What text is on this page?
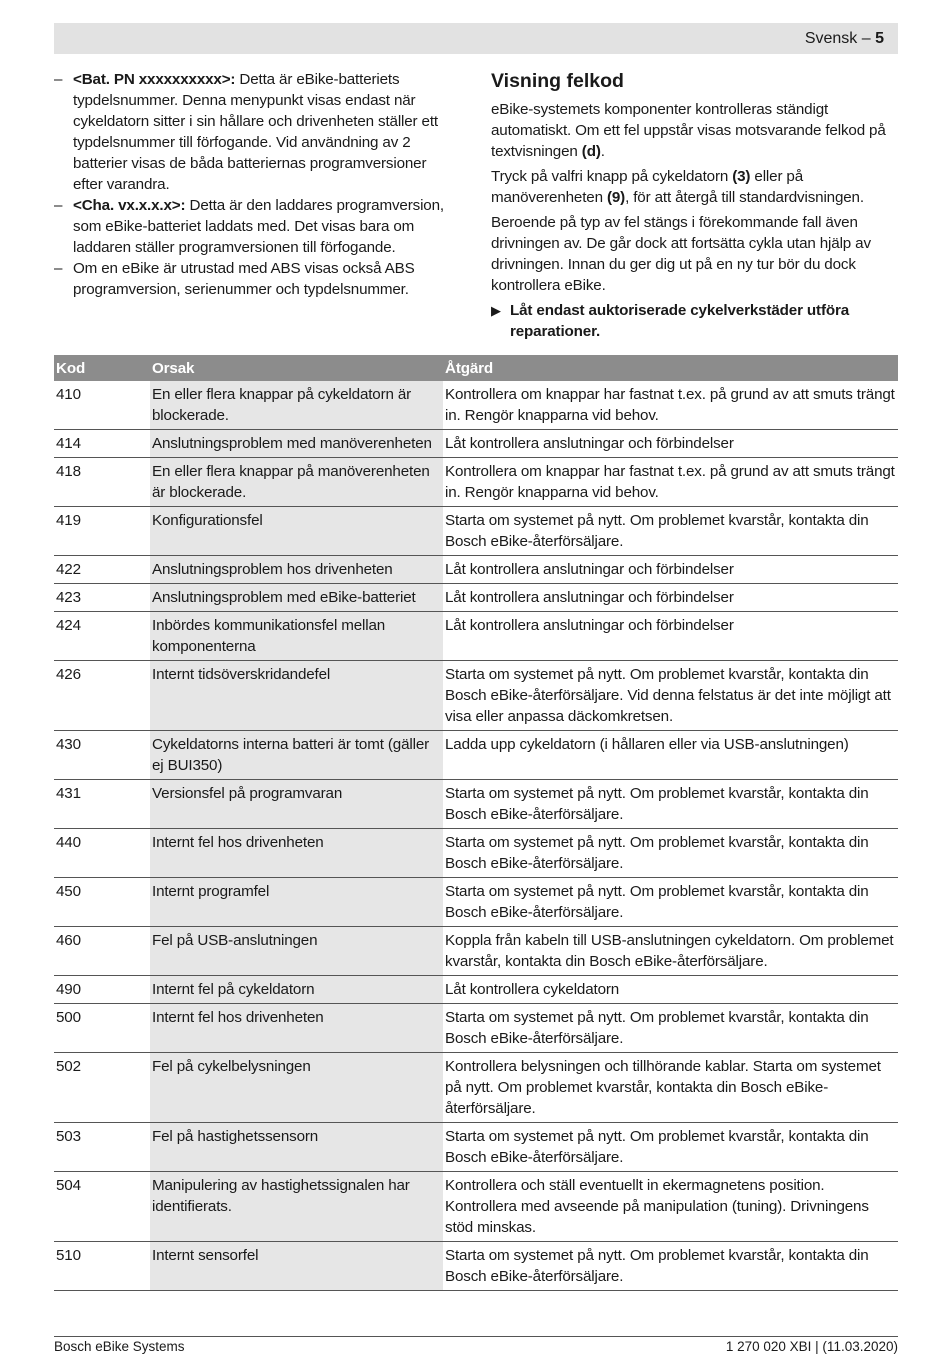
Svensk – 5
– <Bat. PN xxxxxxxxxx>: Detta är eBike-batteriets typdelsnummer. Denna menypunkt visas endast när cykeldatorn sitter i sin hållare och drivenheten ställer ett typdelsnummer till förfogande. Vid användning av 2 batterier visas de båda batteriernas programversioner efter varandra.
– <Cha. vx.x.x.x>: Detta är den laddares programversion, som eBike-batteriet laddats med. Det visas bara om laddaren ställer programversionen till förfogande.
– Om en eBike är utrustad med ABS visas också ABS programversion, serienummer och typdelsnummer.
Visning felkod

eBike-systemets komponenter kontrolleras ständigt automatiskt. Om ett fel uppstår visas motsvarande felkod på textvisningen (d).

Tryck på valfri knapp på cykeldatorn (3) eller på manöverenheten (9), för att återgå till standardvisningen.

Beroende på typ av fel stängs i förekommande fall även drivningen av. De går dock att fortsätta cykla utan hjälp av drivningen. Innan du ger dig ut på en ny tur bör du dock kontrollera eBike.

▶ Låt endast auktoriserade cykelverkstäder utföra reparationer.
Kod	Orsak	Åtgärd
410	En eller flera knappar på cykeldatorn är blockerade.	Kontrollera om knappar har fastnat t.ex. på grund av att smuts trängt in. Rengör knapparna vid behov.
414	Anslutningsproblem med manöverenheten	Låt kontrollera anslutningar och förbindelser
418	En eller flera knappar på manöverenheten är blockerade.	Kontrollera om knappar har fastnat t.ex. på grund av att smuts trängt in. Rengör knapparna vid behov.
419	Konfigurationsfel	Starta om systemet på nytt. Om problemet kvarstår, kontakta din Bosch eBike-återförsäljare.
422	Anslutningsproblem hos drivenheten	Låt kontrollera anslutningar och förbindelser
423	Anslutningsproblem med eBike-batteriet	Låt kontrollera anslutningar och förbindelser
424	Inbördes kommunikationsfel mellan komponenterna	Låt kontrollera anslutningar och förbindelser
426	Internt tidsöverskridandefel	Starta om systemet på nytt. Om problemet kvarstår, kontakta din Bosch eBike-återförsäljare. Vid denna felstatus är det inte möjligt att visa eller anpassa däckomkretsen.
430	Cykeldatorns interna batteri är tomt (gäller ej BUI350)	Ladda upp cykeldatorn (i hållaren eller via USB-anslutningen)
431	Versionsfel på programvaran	Starta om systemet på nytt. Om problemet kvarstår, kontakta din Bosch eBike-återförsäljare.
440	Internt fel hos drivenheten	Starta om systemet på nytt. Om problemet kvarstår, kontakta din Bosch eBike-återförsäljare.
450	Internt programfel	Starta om systemet på nytt. Om problemet kvarstår, kontakta din Bosch eBike-återförsäljare.
460	Fel på USB-anslutningen	Koppla från kabeln till USB-anslutningen cykeldatorn. Om problemet kvarstår, kontakta din Bosch eBike-återförsäljare.
490	Internt fel på cykeldatorn	Låt kontrollera cykeldatorn
500	Internt fel hos drivenheten	Starta om systemet på nytt. Om problemet kvarstår, kontakta din Bosch eBike-återförsäljare.
502	Fel på cykelbelysningen	Kontrollera belysningen och tillhörande kablar. Starta om systemet på nytt. Om problemet kvarstår, kontakta din Bosch eBike-återförsäljare.
503	Fel på hastighetssensorn	Starta om systemet på nytt. Om problemet kvarstår, kontakta din Bosch eBike-återförsäljare.
504	Manipulering av hastighetssignalen har identifierats.	Kontrollera och ställ eventuellt in ekermagnetens position. Kontrollera med avseende på manipulation (tuning). Drivningens stöd minskas.
510	Internt sensorfel	Starta om systemet på nytt. Om problemet kvarstår, kontakta din Bosch eBike-återförsäljare.
Bosch eBike Systems	1 270 020 XBI | (11.03.2020)
